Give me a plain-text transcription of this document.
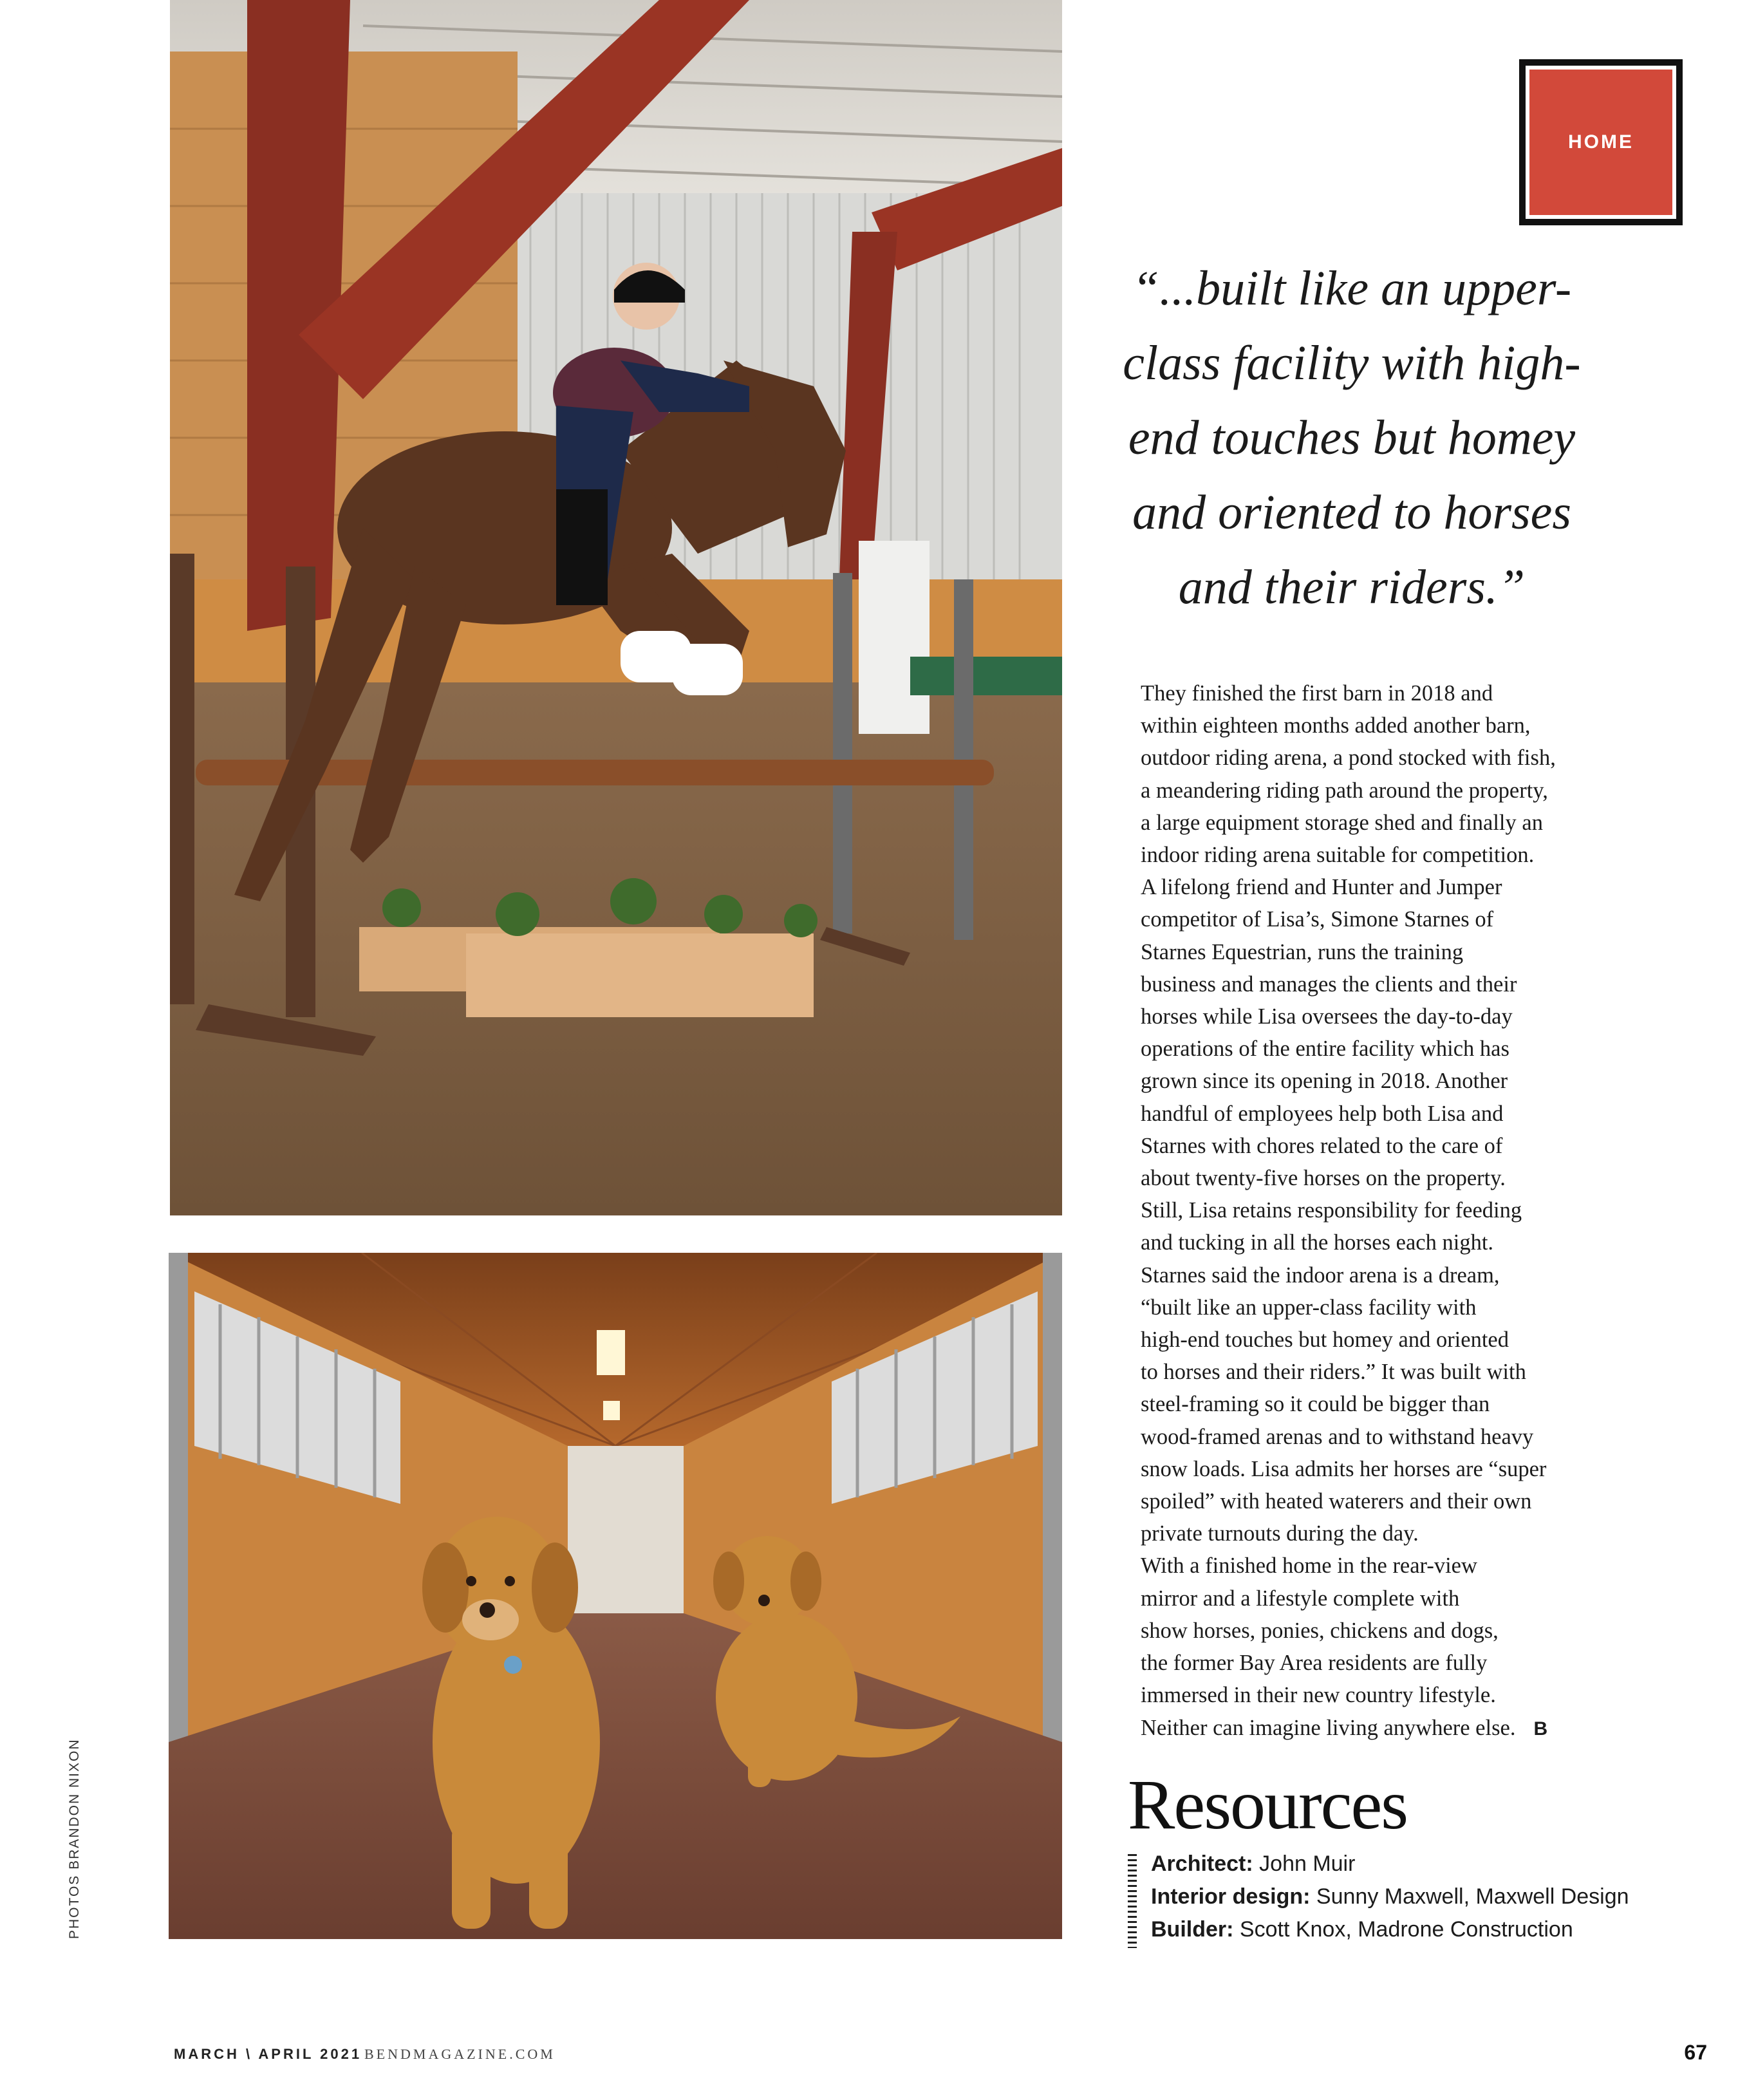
HOME
“...built like an upper-
class facility with high-
end touches but homey
and oriented to horses
and their riders.”

They finished the first barn in 2018 and
within eighteen months added another barn,
outdoor riding arena, a pond stocked with fish,
a meandering riding path around the property,
a large equipment storage shed and finally an
indoor riding arena suitable for competition.

A lifelong friend and Hunter and Jumper
competitor of Lisa’s, Simone Starnes of
Starnes Equestrian, runs the training
business and manages the clients and their
horses while Lisa oversees the day-to-day
operations of the entire facility which has
grown since its opening in 2018. Another
handful of employees help both Lisa and
Starnes with chores related to the care of
about twenty-five horses on the property.
Still, Lisa retains responsibility for feeding
and tucking in all the horses each night.

Starnes said the indoor arena is a dream,
“built like an upper-class facility with
high-end touches but homey and oriented
to horses and their riders.” It was built with
steel-framing so it could be bigger than
wood-framed arenas and to withstand heavy
snow loads. Lisa admits her horses are “super
spoiled” with heated waterers and their own
private turnouts during the day.

With a finished home in the rear-view
mirror and a lifestyle complete with
show horses, ponies, chickens and dogs,
the former Bay Area residents are fully
immersed in their new country lifestyle.
Neither can imagine living anywhere else. B

Resources
Architect: John Muir
Interior design: Sunny Maxwell, Maxwell Design
Builder: Scott Knox, Madrone Construction
PHOTOS BRANDON NIXON
MARCH \ APRIL 2021 BENDMAGAZINE.COM	67
